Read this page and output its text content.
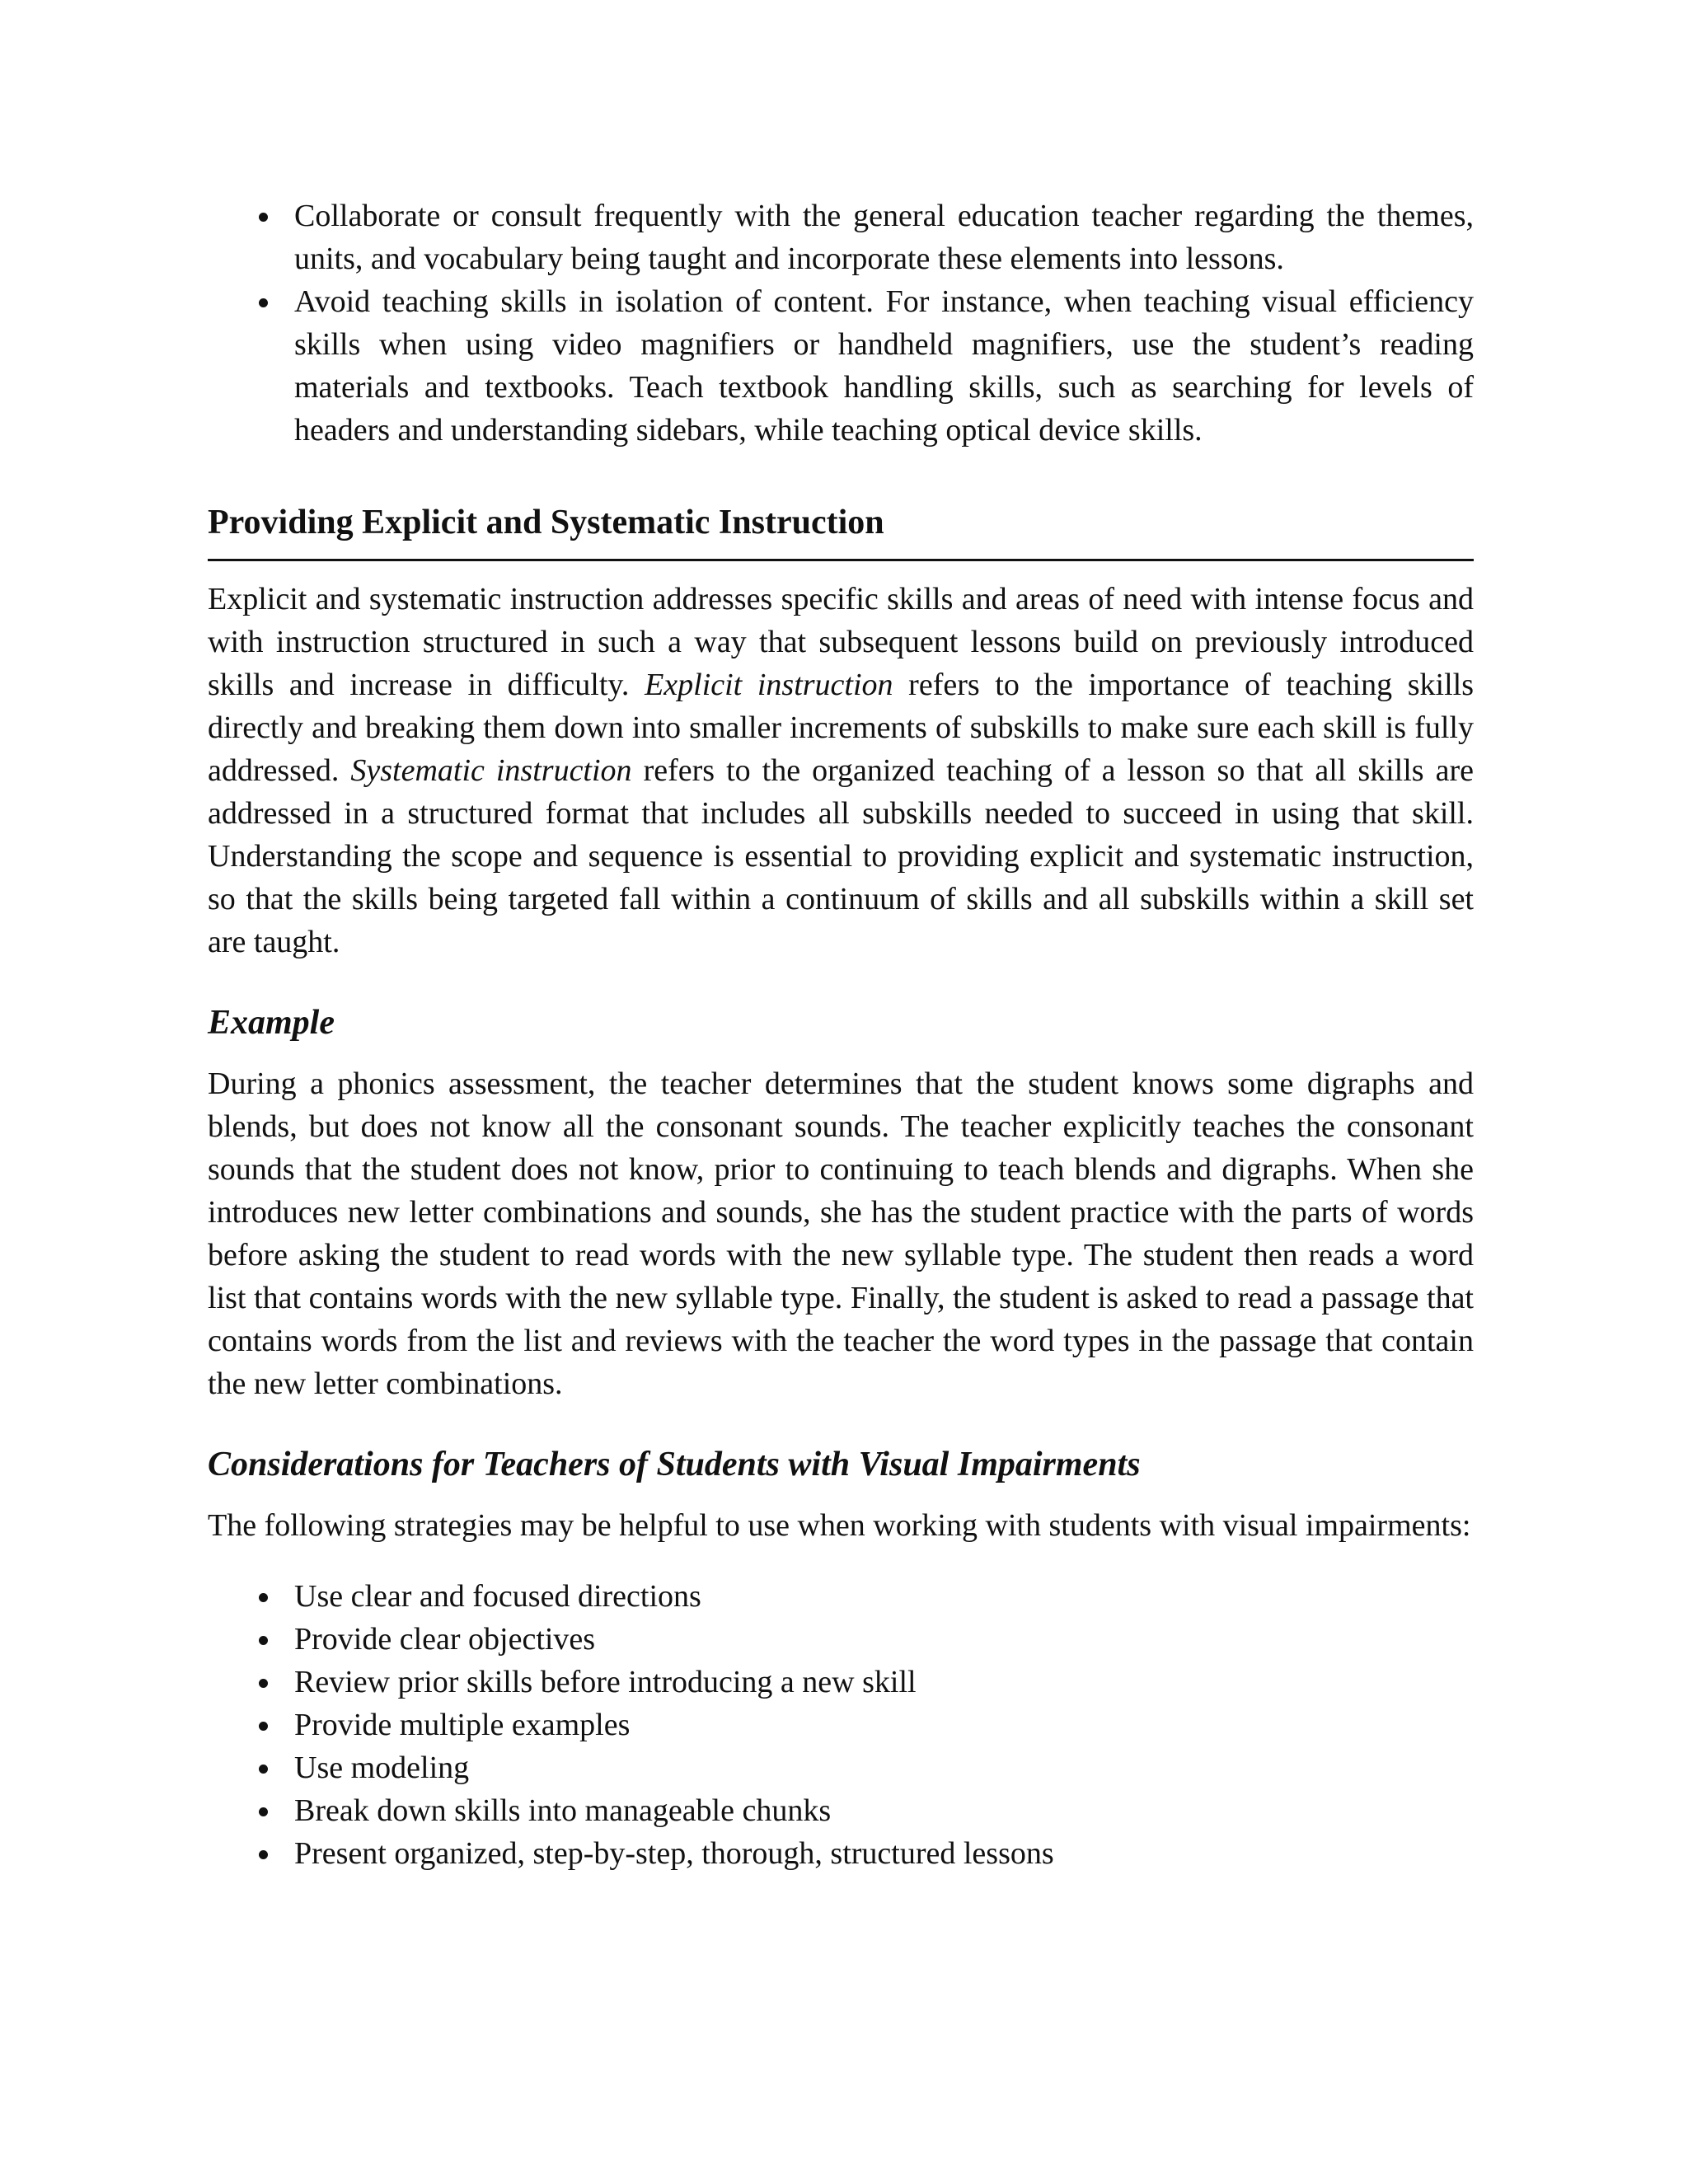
Collaborate or consult frequently with the general education teacher regarding the themes, units, and vocabulary being taught and incorporate these elements into lessons.
Avoid teaching skills in isolation of content. For instance, when teaching visual efficiency skills when using video magnifiers or handheld magnifiers, use the student’s reading materials and textbooks. Teach textbook handling skills, such as searching for levels of headers and understanding sidebars, while teaching optical device skills.
Providing Explicit and Systematic Instruction

Explicit and systematic instruction addresses specific skills and areas of need with intense focus and with instruction structured in such a way that subsequent lessons build on previously introduced skills and increase in difficulty. Explicit instruction refers to the importance of teaching skills directly and breaking them down into smaller increments of subskills to make sure each skill is fully addressed. Systematic instruction refers to the organized teaching of a lesson so that all skills are addressed in a structured format that includes all subskills needed to succeed in using that skill. Understanding the scope and sequence is essential to providing explicit and systematic instruction, so that the skills being targeted fall within a continuum of skills and all subskills within a skill set are taught.

Example

During a phonics assessment, the teacher determines that the student knows some digraphs and blends, but does not know all the consonant sounds. The teacher explicitly teaches the consonant sounds that the student does not know, prior to continuing to teach blends and digraphs. When she introduces new letter combinations and sounds, she has the student practice with the parts of words before asking the student to read words with the new syllable type. The student then reads a word list that contains words with the new syllable type. Finally, the student is asked to read a passage that contains words from the list and reviews with the teacher the word types in the passage that contain the new letter combinations.

Considerations for Teachers of Students with Visual Impairments

The following strategies may be helpful to use when working with students with visual impairments:

Use clear and focused directions
Provide clear objectives
Review prior skills before introducing a new skill
Provide multiple examples
Use modeling
Break down skills into manageable chunks
Present organized, step-by-step, thorough, structured lessons
